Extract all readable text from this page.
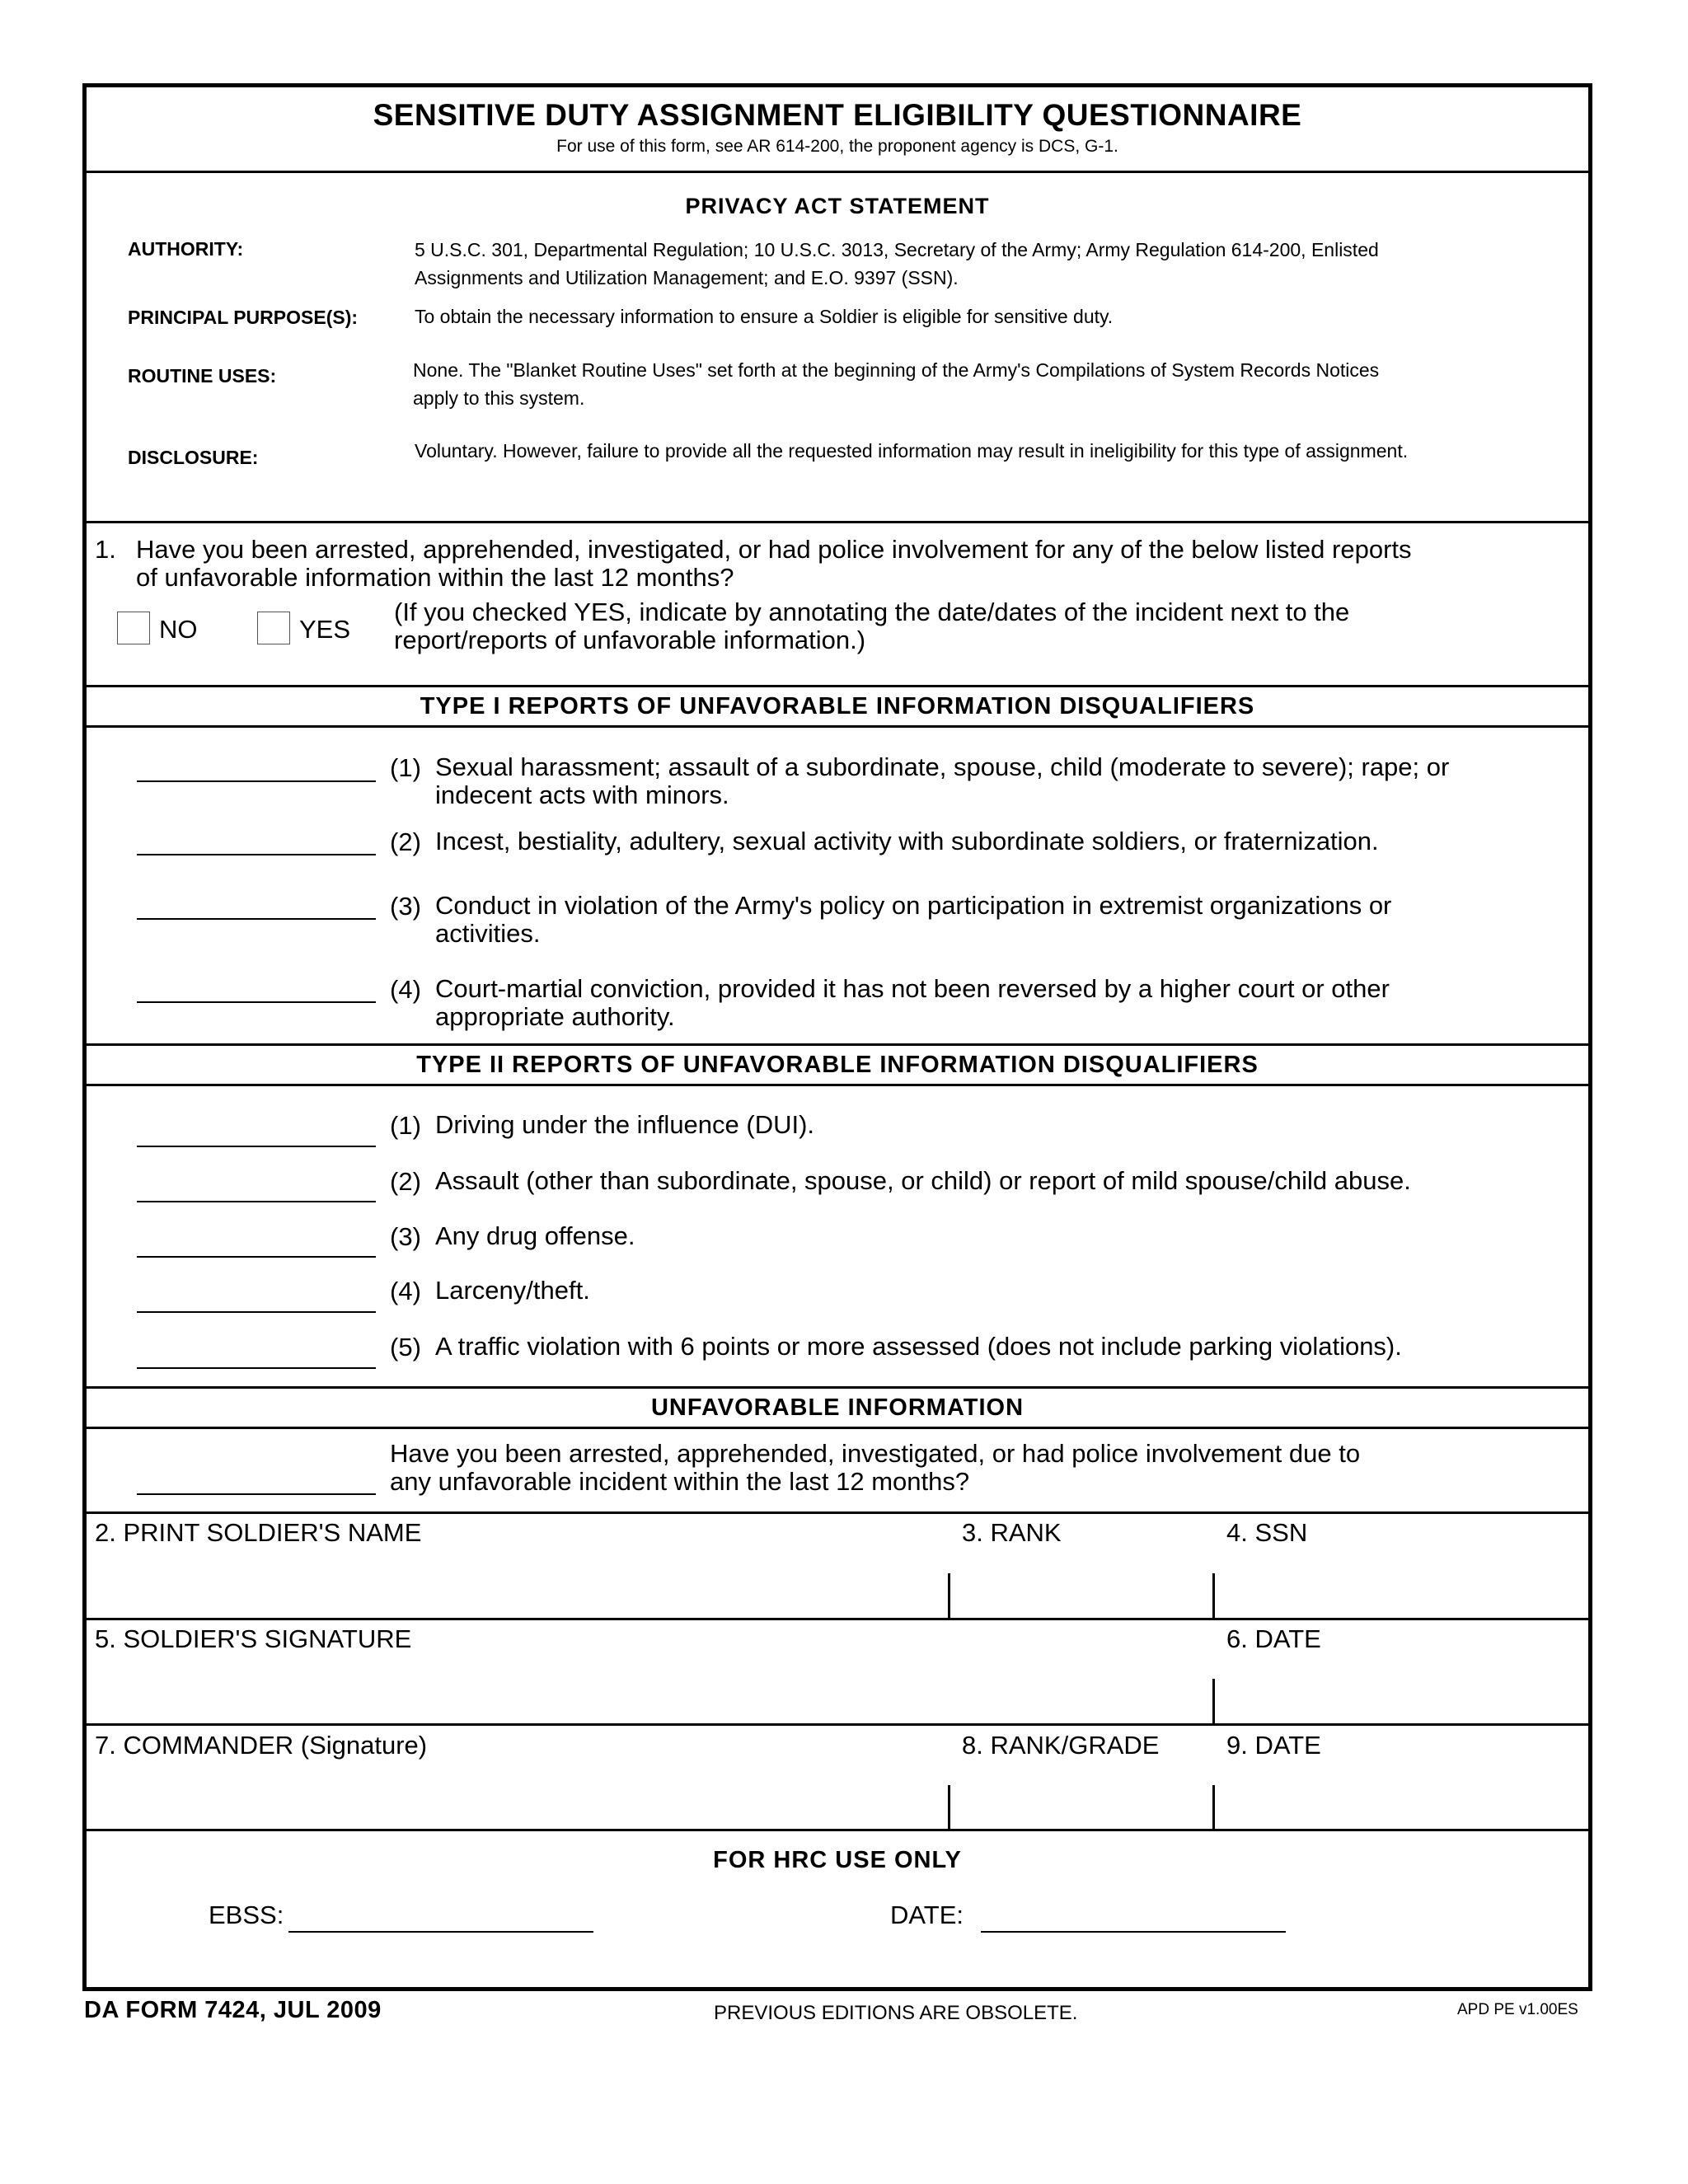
SENSITIVE DUTY ASSIGNMENT ELIGIBILITY QUESTIONNAIRE
For use of this form, see AR 614-200, the proponent agency is DCS, G-1.
PRIVACY ACT STATEMENT
AUTHORITY:	5 U.S.C. 301, Departmental Regulation; 10 U.S.C. 3013, Secretary of the Army; Army Regulation 614-200, Enlisted
Assignments and Utilization Management; and E.O. 9397 (SSN).
PRINCIPAL PURPOSE(S):	To obtain the necessary information to ensure a Soldier is eligible for sensitive duty.
ROUTINE USES:	None. The "Blanket Routine Uses" set forth at the beginning of the Army's Compilations of System Records Notices
apply to this system.
DISCLOSURE:	Voluntary. However, failure to provide all the requested information may result in ineligibility for this type of assignment.
1. Have you been arrested, apprehended, investigated, or had police involvement for any of the below listed reports
of unfavorable information within the last 12 months?
NO	YES
(If you checked YES, indicate by annotating the date/dates of the incident next to the
report/reports of unfavorable information.)
TYPE I REPORTS OF UNFAVORABLE INFORMATION DISQUALIFIERS
(1) Sexual harassment; assault of a subordinate, spouse, child (moderate to severe); rape; or
indecent acts with minors.
(2) Incest, bestiality, adultery, sexual activity with subordinate soldiers, or fraternization.
(3) Conduct in violation of the Army's policy on participation in extremist organizations or
activities.
(4) Court-martial conviction, provided it has not been reversed by a higher court or other
appropriate authority.
TYPE II REPORTS OF UNFAVORABLE INFORMATION DISQUALIFIERS
(1) Driving under the influence (DUI).
(2) Assault (other than subordinate, spouse, or child) or report of mild spouse/child abuse.
(3) Any drug offense.
(4) Larceny/theft.
(5) A traffic violation with 6 points or more assessed (does not include parking violations).
UNFAVORABLE INFORMATION
Have you been arrested, apprehended, investigated, or had police involvement due to
any unfavorable incident within the last 12 months?
2. PRINT SOLDIER'S NAME	3. RANK	4. SSN
5. SOLDIER'S SIGNATURE	6. DATE
7. COMMANDER (Signature)	8. RANK/GRADE	9. DATE
FOR HRC USE ONLY
EBSS:	DATE:
DA FORM 7424, JUL 2009	PREVIOUS EDITIONS ARE OBSOLETE.	APD PE v1.00ES
